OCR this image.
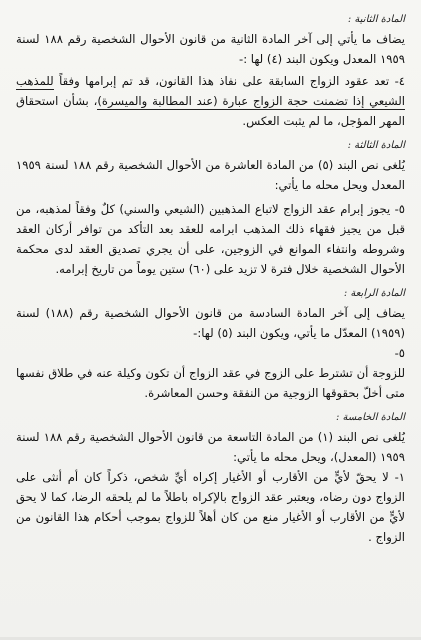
المادة الثانية :

يضاف ما يأتي إلى آخر المادة الثانية من قانون الأحوال الشخصية رقم ١٨٨ لسنة ١٩٥٩ المعدل ويكون البند (٤) لها :-

٤- تعد عقود الزواج السابقة على نفاذ هذا القانون، قد تم إبرامها وفقاً للمذهب الشيعي إذا تضمنت حجة الزواج عبارة (عند المطالبة والميسرة)، بشأن استحقاق المهر المؤجل، ما لم يثبت العكس.

المادة الثالثة :

يُلغى نص البند (٥) من المادة العاشرة من الأحوال الشخصية رقم ١٨٨ لسنة ١٩٥٩ المعدل ويحل محله ما يأتي:

٥- يجوز إبرام عقد الزواج لاتباع المذهبين (الشيعي والسني) كلٌ وفقاً لمذهبه، من قبل من يجيز فقهاء ذلك المذهب ابرامه للعقد بعد التأكد من توافر أركان العقد وشروطه وانتفاء الموانع في الزوجين، على أن يجري تصديق العقد لدى محكمة الأحوال الشخصية خلال فترة لا تزيد على (٦٠) ستين يوماً من تاريخ إبرامه.

المادة الرابعة :

يضاف إلى آخر المادة السادسة من قانون الأحوال الشخصية رقم (١٨٨) لسنة (١٩٥٩) المعدّل ما يأتي، ويكون البند (٥) لها:-

٥-

للزوجة أن تشترط على الزوج في عقد الزواج أن تكون وكيلة عنه في طلاق نفسها متى أخلّ بحقوقها الزوجية من النفقة وحسن المعاشرة.

المادة الخامسة :

يُلغى نص البند (١) من المادة التاسعة من قانون الأحوال الشخصية رقم ١٨٨ لسنة ١٩٥٩ (المعدل)، ويحل محله ما يأتي:

١- لا يحقّ لأيٍّ من الأقارب أو الأغيار إكراه أيِّ شخص، ذكراً كان أم أنثى على الزواج دون رضاه، ويعتبر عقد الزواج بالإكراه باطلاً ما لم يلحقه الرضا، كما لا يحق لأيٍّ من الأقارب أو الأغيار منع من كان أهلاً للزواج بموجب أحكام هذا القانون من الزواج .
